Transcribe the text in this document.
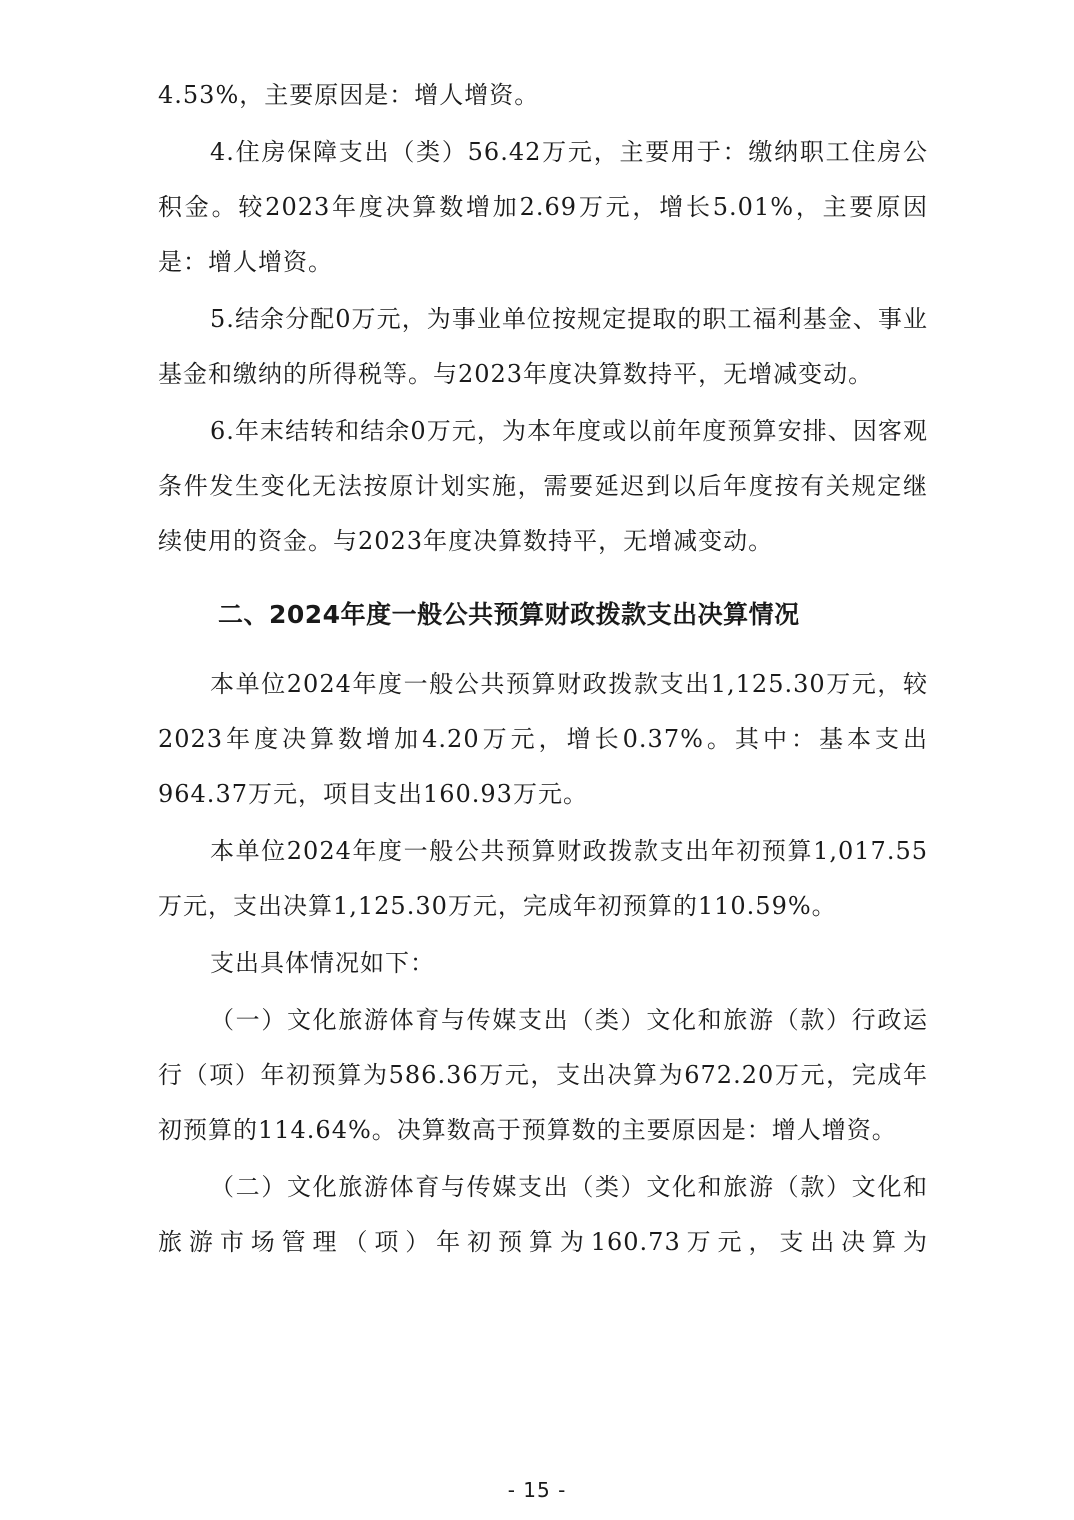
4.53%，主要原因是：增人增资。

4.住房保障支出（类）56.42万元，主要用于：缴纳职工住房公积金。较2023年度决算数增加2.69万元，增长5.01%，主要原因是：增人增资。

5.结余分配0万元，为事业单位按规定提取的职工福利基金、事业基金和缴纳的所得税等。与2023年度决算数持平，无增减变动。

6.年末结转和结余0万元，为本年度或以前年度预算安排、因客观条件发生变化无法按原计划实施，需要延迟到以后年度按有关规定继续使用的资金。与2023年度决算数持平，无增减变动。

二、2024年度一般公共预算财政拨款支出决算情况

本单位2024年度一般公共预算财政拨款支出1,125.30万元，较2023年度决算数增加4.20万元，增长0.37%。其中：基本支出964.37万元，项目支出160.93万元。

本单位2024年度一般公共预算财政拨款支出年初预算1,017.55万元，支出决算1,125.30万元，完成年初预算的110.59%。

支出具体情况如下：

（一）文化旅游体育与传媒支出（类）文化和旅游（款）行政运行（项）年初预算为586.36万元，支出决算为672.20万元，完成年初预算的114.64%。决算数高于预算数的主要原因是：增人增资。

（二）文化旅游体育与传媒支出（类）文化和旅游（款）文化和旅游市场管理（项）年初预算为160.73万元，支出决算为

- 15 -
